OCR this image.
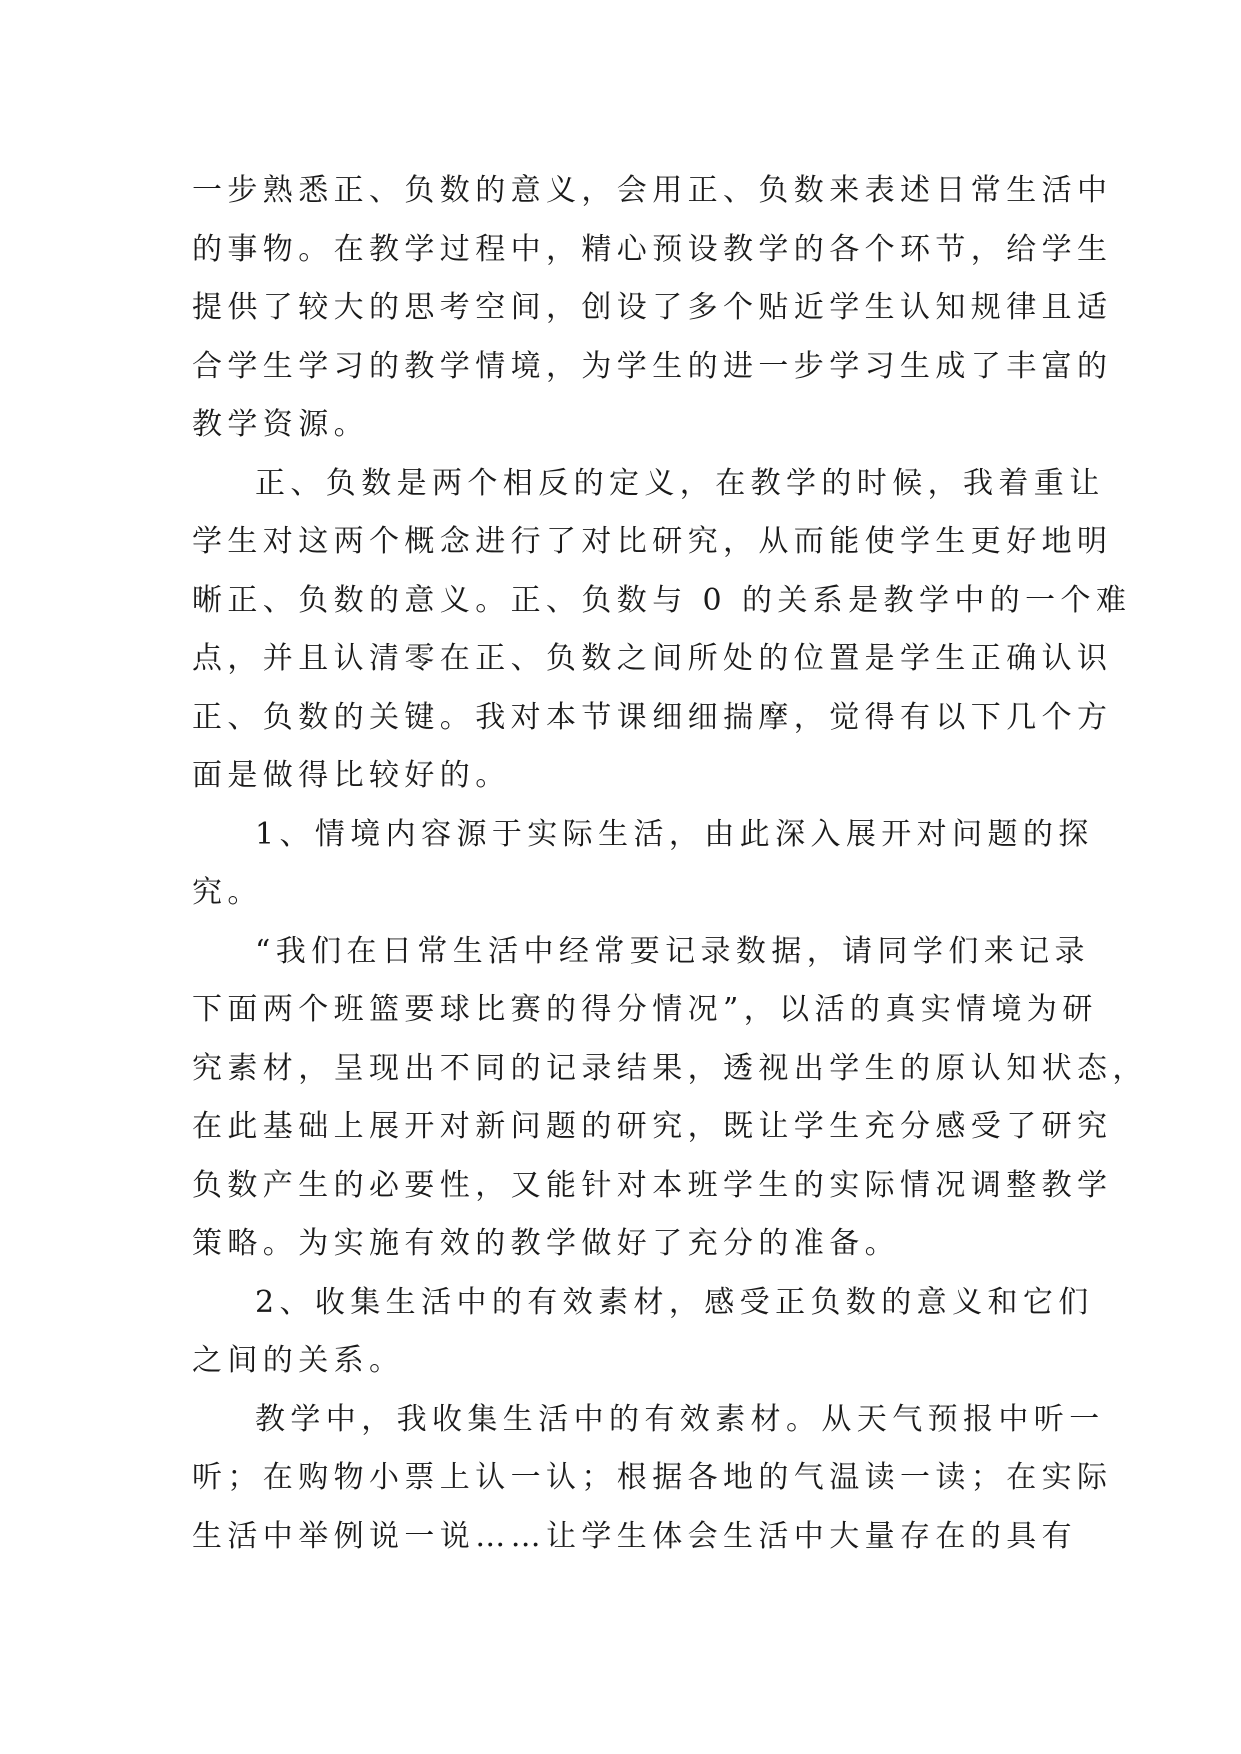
一步熟悉正、负数的意义，会用正、负数来表述日常生活中
的事物。在教学过程中，精心预设教学的各个环节，给学生
提供了较大的思考空间，创设了多个贴近学生认知规律且适
合学生学习的教学情境，为学生的进一步学习生成了丰富的
教学资源。
正、负数是两个相反的定义，在教学的时候，我着重让
学生对这两个概念进行了对比研究，从而能使学生更好地明
晰正、负数的意义。正、负数与 0 的关系是教学中的一个难
点，并且认清零在正、负数之间所处的位置是学生正确认识
正、负数的关键。我对本节课细细揣摩，觉得有以下几个方
面是做得比较好的。
1、情境内容源于实际生活，由此深入展开对问题的探
究。
“我们在日常生活中经常要记录数据，请同学们来记录
下面两个班篮要球比赛的得分情况”，以活的真实情境为研
究素材，呈现出不同的记录结果，透视出学生的原认知状态，
在此基础上展开对新问题的研究，既让学生充分感受了研究
负数产生的必要性，又能针对本班学生的实际情况调整教学
策略。为实施有效的教学做好了充分的准备。
2、收集生活中的有效素材，感受正负数的意义和它们
之间的关系。
教学中，我收集生活中的有效素材。从天气预报中听一
听；在购物小票上认一认；根据各地的气温读一读；在实际
生活中举例说一说……让学生体会生活中大量存在的具有
